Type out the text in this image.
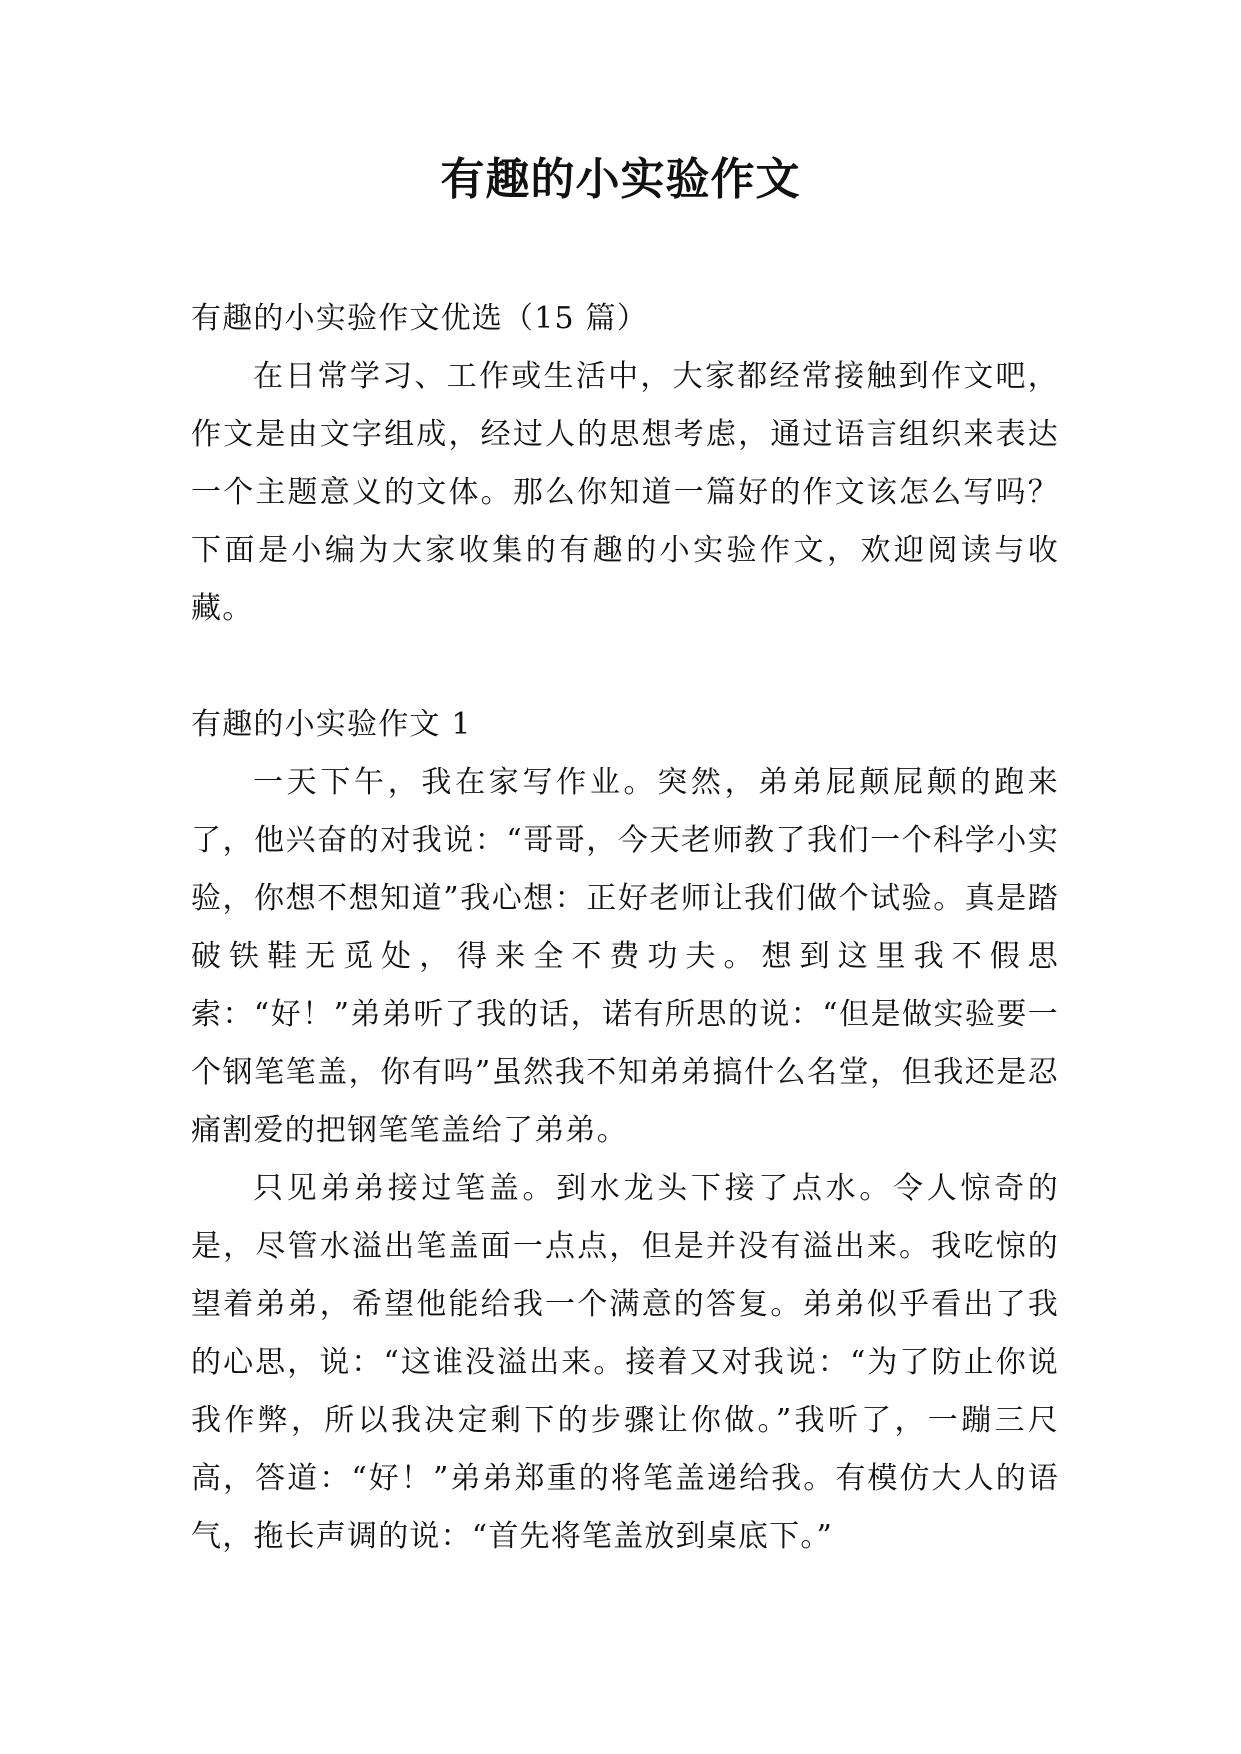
有趣的小实验作文

有趣的小实验作文优选（15 篇）

在日常学习、工作或生活中，大家都经常接触到作文吧，作文是由文字组成，经过人的思想考虑，通过语言组织来表达一个主题意义的文体。那么你知道一篇好的作文该怎么写吗？下面是小编为大家收集的有趣的小实验作文，欢迎阅读与收藏。

有趣的小实验作文 1

一天下午，我在家写作业。突然，弟弟屁颠屁颠的跑来了，他兴奋的对我说：“哥哥，今天老师教了我们一个科学小实验，你想不想知道”我心想：正好老师让我们做个试验。真是踏破铁鞋无觅处，得来全不费功夫。想到这里我不假思索：“好！”弟弟听了我的话，诺有所思的说：“但是做实验要一个钢笔笔盖，你有吗”虽然我不知弟弟搞什么名堂，但我还是忍痛割爱的把钢笔笔盖给了弟弟。

只见弟弟接过笔盖。到水龙头下接了点水。令人惊奇的是，尽管水溢出笔盖面一点点，但是并没有溢出来。我吃惊的望着弟弟，希望他能给我一个满意的答复。弟弟似乎看出了我的心思，说：“这谁没溢出来。接着又对我说：“为了防止你说我作弊，所以我决定剩下的步骤让你做。”我听了，一蹦三尺高，答道：“好！”弟弟郑重的将笔盖递给我。有模仿大人的语气，拖长声调的说：“首先将笔盖放到桌底下。”
